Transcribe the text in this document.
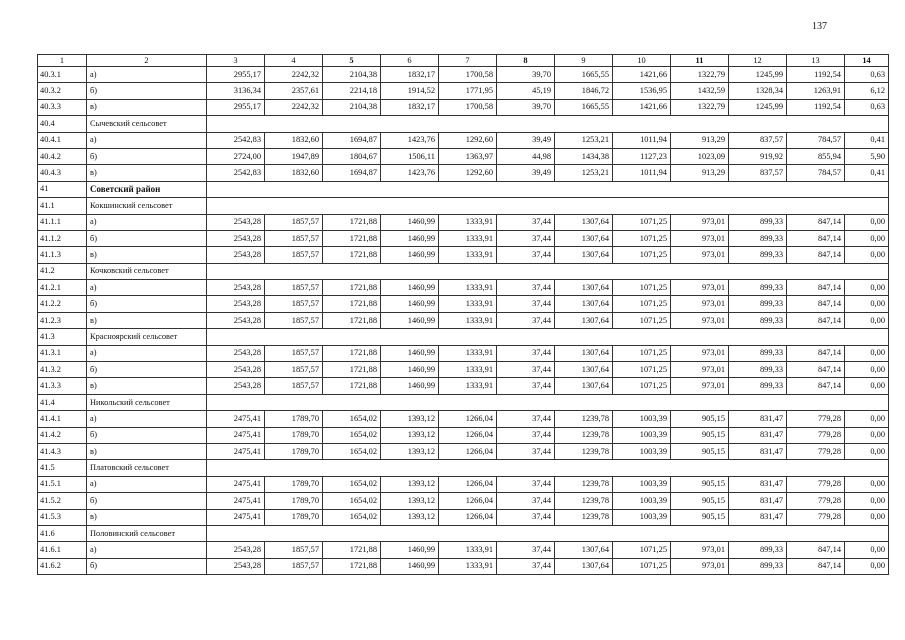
137
1	2	3	4	5	6	7	8	9	10	11	12	13	14
40.3.1	а)	2955,17	2242,32	2104,38	1832,17	1700,58	39,70	1665,55	1421,66	1322,79	1245,99	1192,54	0,63
40.3.2	б)	3136,34	2357,61	2214,18	1914,52	1771,95	45,19	1846,72	1536,95	1432,59	1328,34	1263,91	6,12
40.3.3	в)	2955,17	2242,32	2104,38	1832,17	1700,58	39,70	1665,55	1421,66	1322,79	1245,99	1192,54	0,63
40.4	Сычевский сельсовет												
40.4.1	а)	2542,83	1832,60	1694,87	1423,76	1292,60	39,49	1253,21	1011,94	913,29	837,57	784,57	0,41
40.4.2	б)	2724,00	1947,89	1804,67	1506,11	1363,97	44,98	1434,38	1127,23	1023,09	919,92	855,94	5,90
40.4.3	в)	2542,83	1832,60	1694,87	1423,76	1292,60	39,49	1253,21	1011,94	913,29	837,57	784,57	0,41
41	Советский район												
41.1	Кокшинский сельсовет												
41.1.1	а)	2543,28	1857,57	1721,88	1460,99	1333,91	37,44	1307,64	1071,25	973,01	899,33	847,14	0,00
41.1.2	б)	2543,28	1857,57	1721,88	1460,99	1333,91	37,44	1307,64	1071,25	973,01	899,33	847,14	0,00
41.1.3	в)	2543,28	1857,57	1721,88	1460,99	1333,91	37,44	1307,64	1071,25	973,01	899,33	847,14	0,00
41.2	Кочковский сельсовет												
41.2.1	а)	2543,28	1857,57	1721,88	1460,99	1333,91	37,44	1307,64	1071,25	973,01	899,33	847,14	0,00
41.2.2	б)	2543,28	1857,57	1721,88	1460,99	1333,91	37,44	1307,64	1071,25	973,01	899,33	847,14	0,00
41.2.3	в)	2543,28	1857,57	1721,88	1460,99	1333,91	37,44	1307,64	1071,25	973,01	899,33	847,14	0,00
41.3	Красноярский сельсовет												
41.3.1	а)	2543,28	1857,57	1721,88	1460,99	1333,91	37,44	1307,64	1071,25	973,01	899,33	847,14	0,00
41.3.2	б)	2543,28	1857,57	1721,88	1460,99	1333,91	37,44	1307,64	1071,25	973,01	899,33	847,14	0,00
41.3.3	в)	2543,28	1857,57	1721,88	1460,99	1333,91	37,44	1307,64	1071,25	973,01	899,33	847,14	0,00
41.4	Никольский сельсовет												
41.4.1	а)	2475,41	1789,70	1654,02	1393,12	1266,04	37,44	1239,78	1003,39	905,15	831,47	779,28	0,00
41.4.2	б)	2475,41	1789,70	1654,02	1393,12	1266,04	37,44	1239,78	1003,39	905,15	831,47	779,28	0,00
41.4.3	в)	2475,41	1789,70	1654,02	1393,12	1266,04	37,44	1239,78	1003,39	905,15	831,47	779,28	0,00
41.5	Платовский сельсовет												
41.5.1	а)	2475,41	1789,70	1654,02	1393,12	1266,04	37,44	1239,78	1003,39	905,15	831,47	779,28	0,00
41.5.2	б)	2475,41	1789,70	1654,02	1393,12	1266,04	37,44	1239,78	1003,39	905,15	831,47	779,28	0,00
41.5.3	в)	2475,41	1789,70	1654,02	1393,12	1266,04	37,44	1239,78	1003,39	905,15	831,47	779,28	0,00
41.6	Половинский сельсовет												
41.6.1	а)	2543,28	1857,57	1721,88	1460,99	1333,91	37,44	1307,64	1071,25	973,01	899,33	847,14	0,00
41.6.2	б)	2543,28	1857,57	1721,88	1460,99	1333,91	37,44	1307,64	1071,25	973,01	899,33	847,14	0,00
